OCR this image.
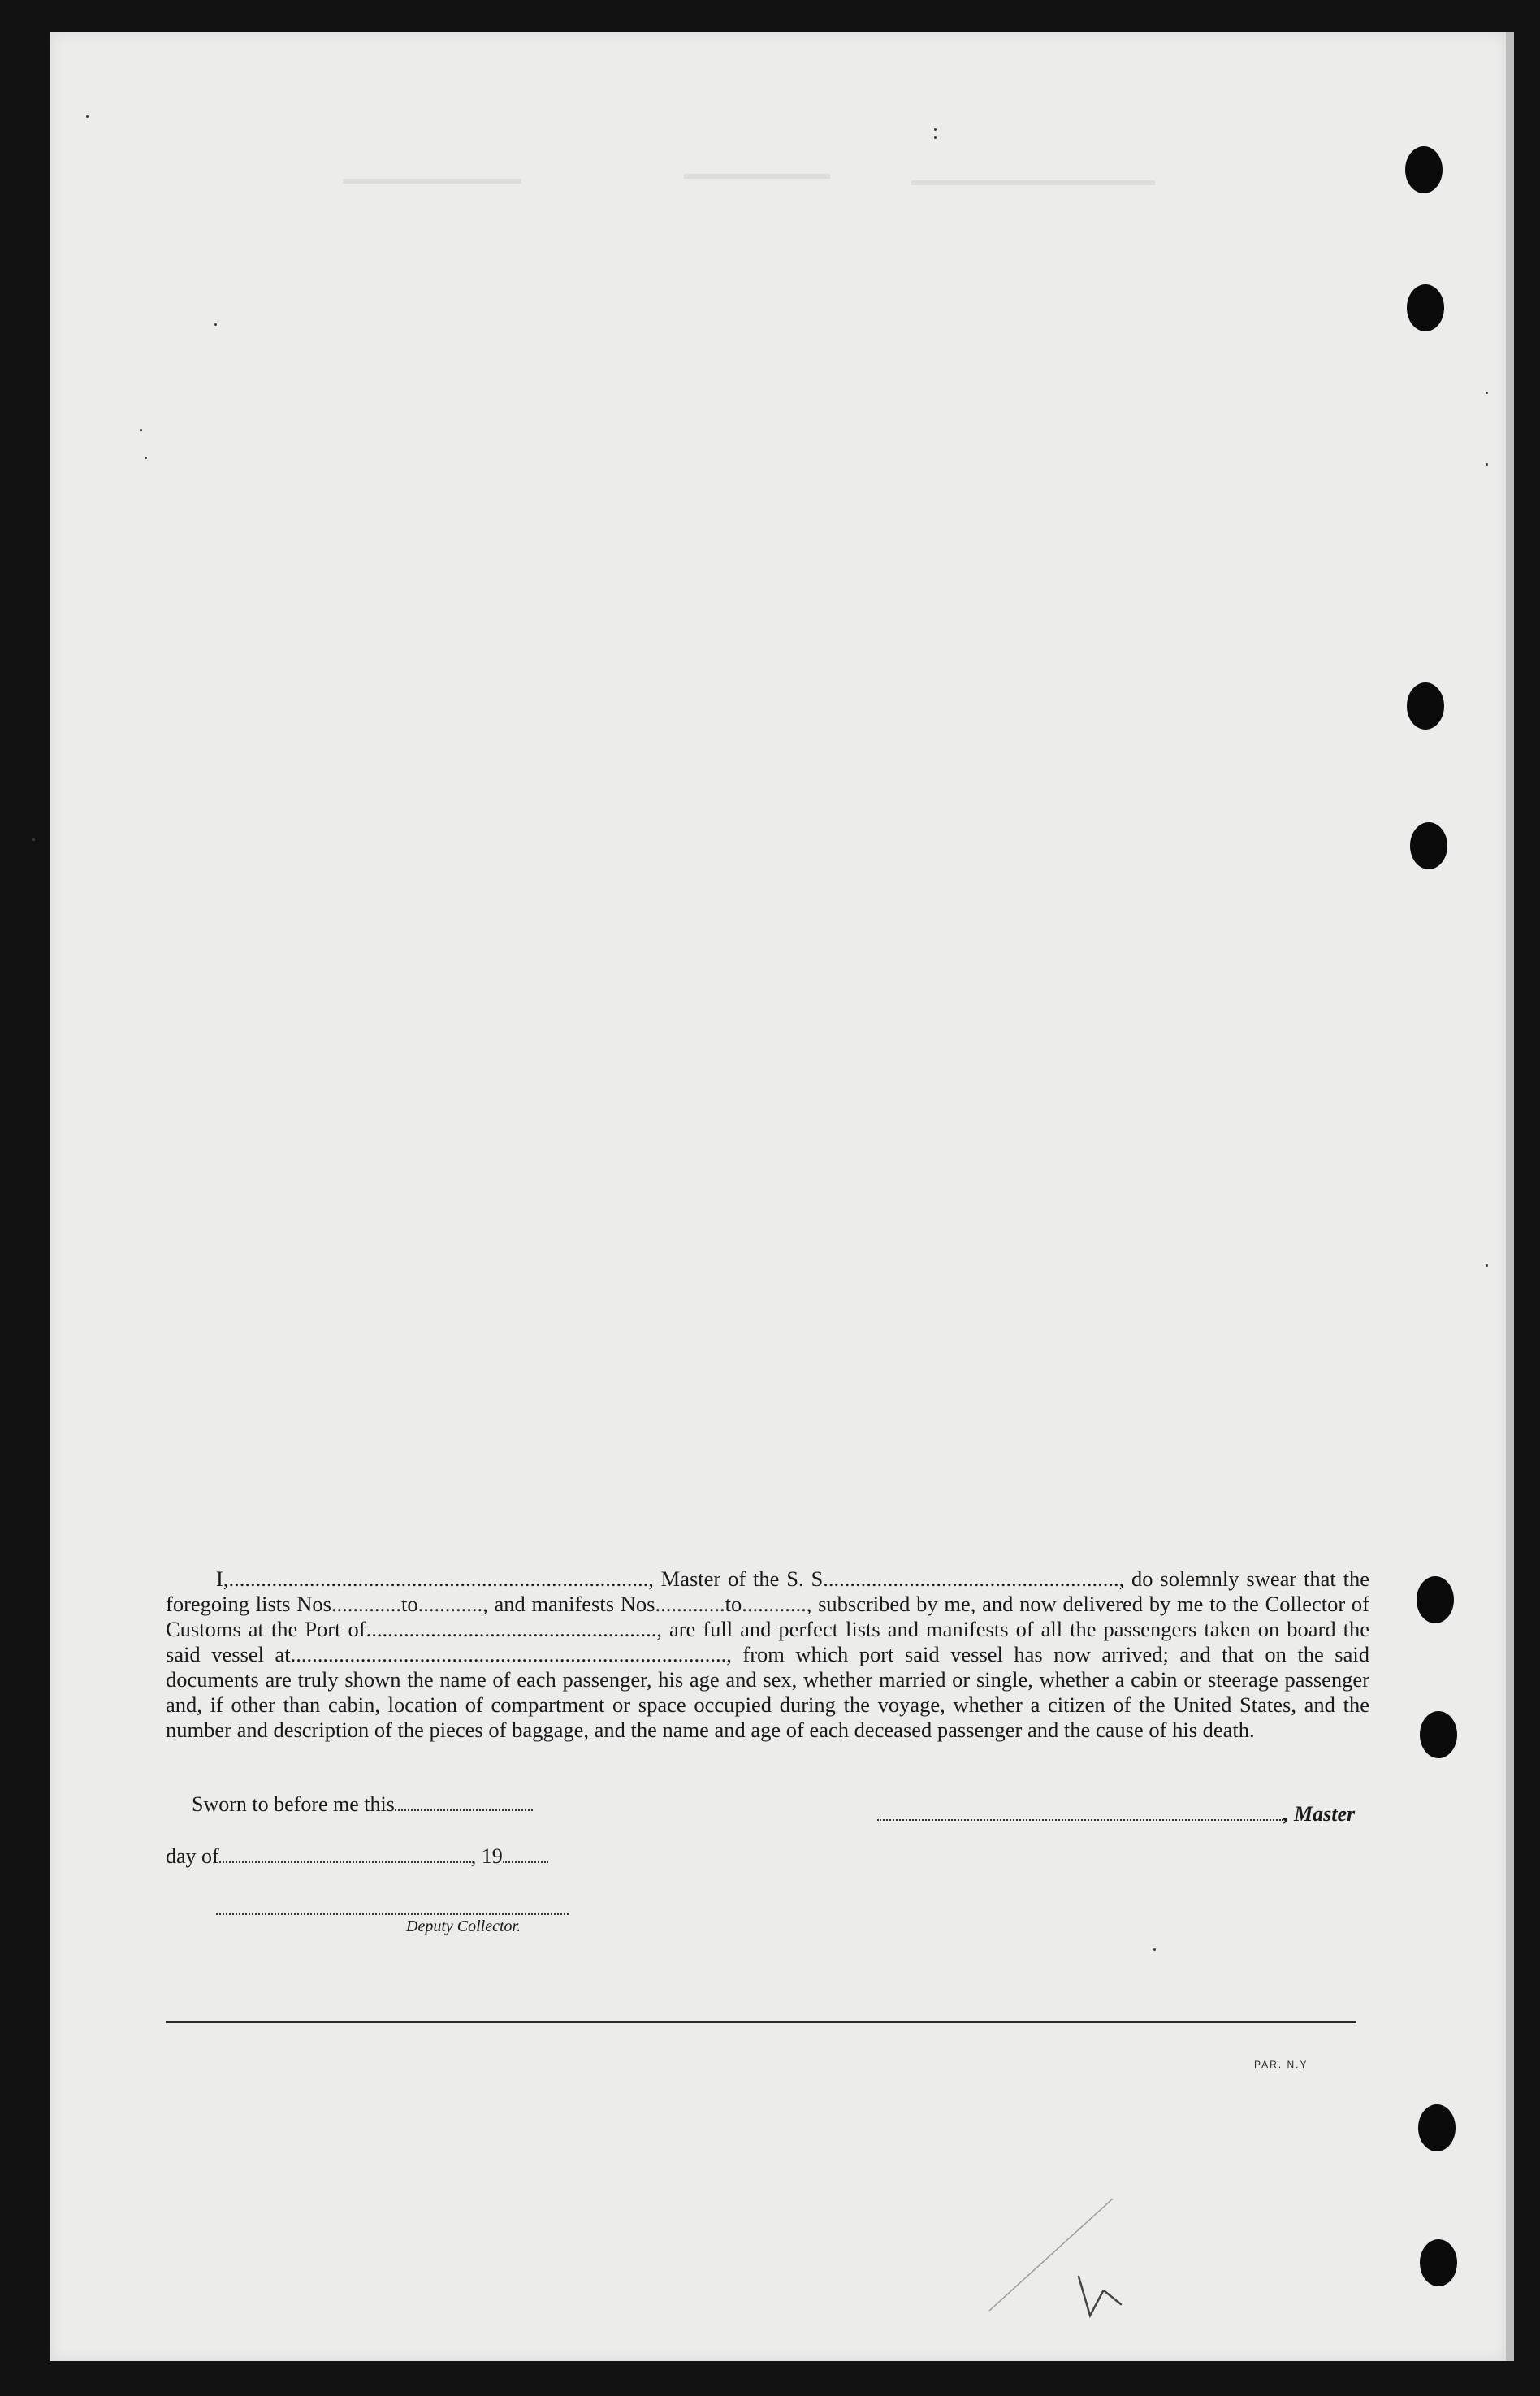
I,.............................................................................., Master of the S. S......................................................., do solemnly swear that the foregoing lists Nos.............to............, and manifests Nos.............to............, subscribed by me, and now delivered by me to the Collector of Customs at the Port of......................................................, are full and perfect lists and manifests of all the passengers taken on board the said vessel at................................................................................., from which port said vessel has now arrived; and that on the said documents are truly shown the name of each passenger, his age and sex, whether married or single, whether a cabin or steerage passenger and, if other than cabin, location of compartment or space occupied during the voyage, whether a citizen of the United States, and the number and description of the pieces of baggage, and the name and age of each deceased passenger and the cause of his death.

Sworn to before me this	, Master
day of	, 19
Deputy Collector.
PAR. N.Y
